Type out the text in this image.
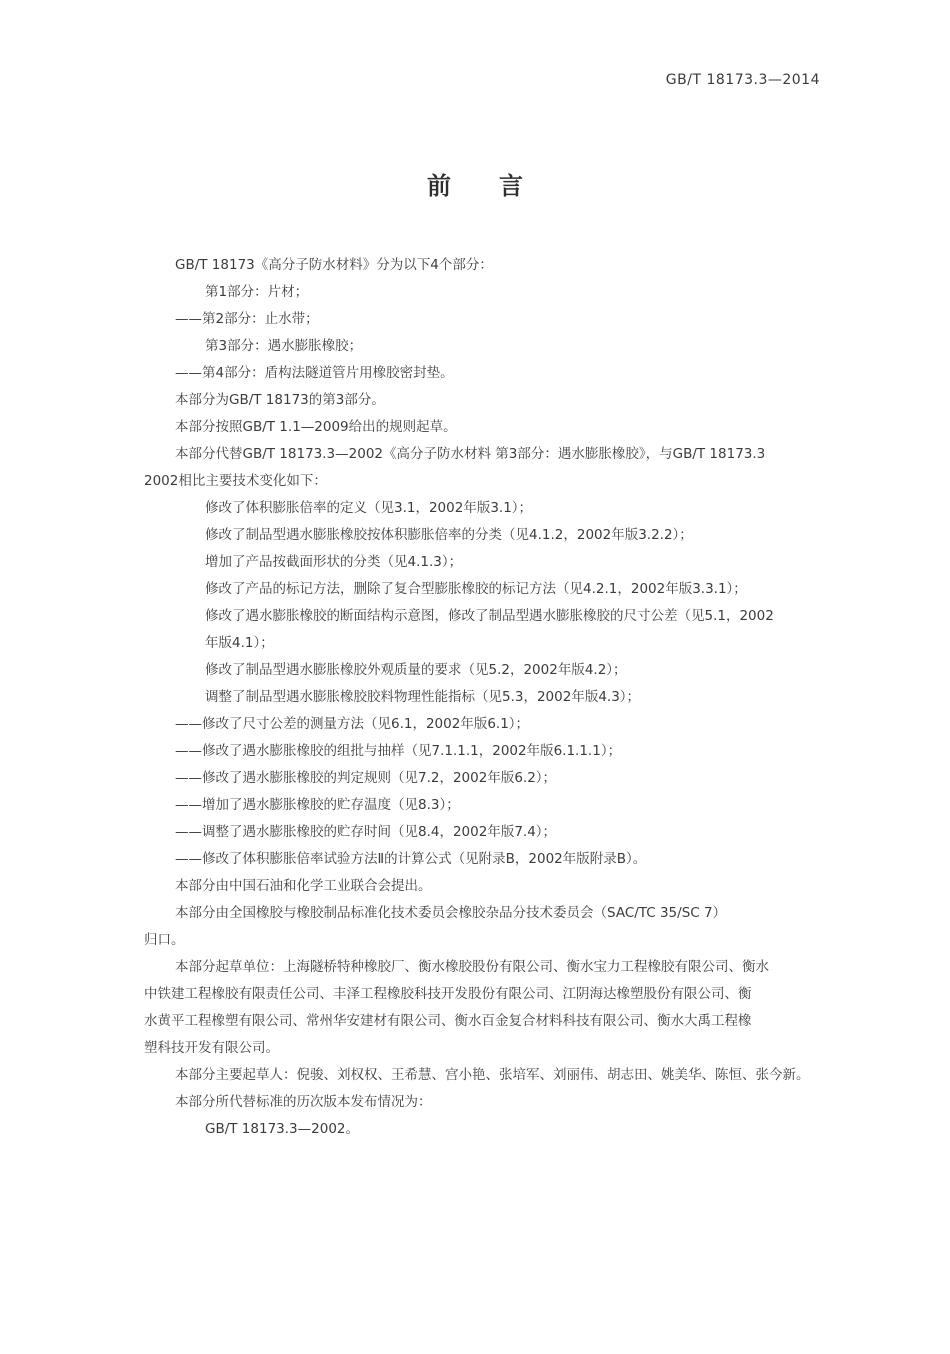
GB/T 18173.3—2014
前言
GB/T 18173《高分子防水材料》分为以下4个部分：
第1部分：片材；
——第2部分：止水带；
第3部分：遇水膨胀橡胶；
——第4部分：盾构法隧道管片用橡胶密封垫。
本部分为GB/T 18173的第3部分。
本部分按照GB/T 1.1—2009给出的规则起草。
本部分代替GB/T 18173.3—2002《高分子防水材料 第3部分：遇水膨胀橡胶》，与GB/T 18173.3
2002相比主要技术变化如下：
修改了体积膨胀倍率的定义（见3.1，2002年版3.1）；
修改了制品型遇水膨胀橡胶按体积膨胀倍率的分类（见4.1.2，2002年版3.2.2）；
增加了产品按截面形状的分类（见4.1.3）；
修改了产品的标记方法，删除了复合型膨胀橡胶的标记方法（见4.2.1，2002年版3.3.1）；
修改了遇水膨胀橡胶的断面结构示意图，修改了制品型遇水膨胀橡胶的尺寸公差（见5.1，2002
年版4.1）；
修改了制品型遇水膨胀橡胶外观质量的要求（见5.2，2002年版4.2）；
调整了制品型遇水膨胀橡胶胶料物理性能指标（见5.3，2002年版4.3）；
——修改了尺寸公差的测量方法（见6.1，2002年版6.1）；
——修改了遇水膨胀橡胶的组批与抽样（见7.1.1.1，2002年版6.1.1.1）；
——修改了遇水膨胀橡胶的判定规则（见7.2，2002年版6.2）；
——增加了遇水膨胀橡胶的贮存温度（见8.3）；
——调整了遇水膨胀橡胶的贮存时间（见8.4，2002年版7.4）；
——修改了体积膨胀倍率试验方法Ⅱ的计算公式（见附录B，2002年版附录B）。
本部分由中国石油和化学工业联合会提出。
本部分由全国橡胶与橡胶制品标准化技术委员会橡胶杂品分技术委员会（SAC/TC 35/SC 7）
归口。
本部分起草单位：上海隧桥特种橡胶厂、衡水橡胶股份有限公司、衡水宝力工程橡胶有限公司、衡水
中铁建工程橡胶有限责任公司、丰泽工程橡胶科技开发股份有限公司、江阴海达橡塑股份有限公司、衡
水黄平工程橡塑有限公司、常州华安建材有限公司、衡水百金复合材料科技有限公司、衡水大禹工程橡
塑科技开发有限公司。
本部分主要起草人：倪骏、刘权权、王希慧、宫小艳、张培军、刘丽伟、胡志田、姚美华、陈恒、张今新。
本部分所代替标准的历次版本发布情况为：
GB/T 18173.3—2002。
